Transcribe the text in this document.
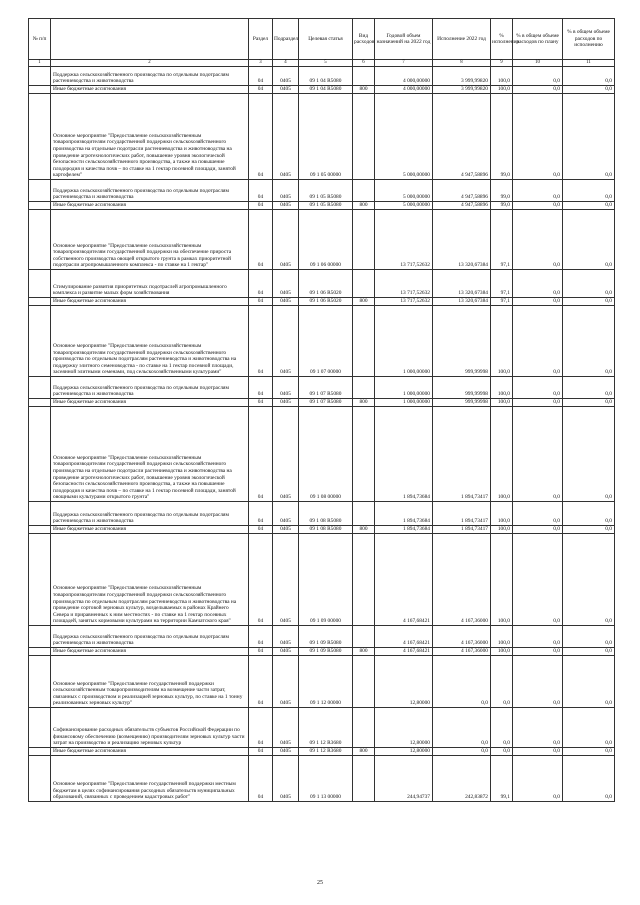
№ п/п		Раздел	Подраздел	Целевая статья	Вид расходов	Годовой объем назначений на 2022 год	Исполнение 2022 год	% исполнения	% в общем объеме расходов по плану	% в общем объеме расходов по исполнению
1	2	3	4	5	6	7	8	9	10	11
	Поддержка сельскохозяйственного производства по отдельным подотраслям растениеводства и животноводства	04	0405	09 1 04 R5080		4 000,00000	3 999,99820	100,0	0,0	0,0
	Иные бюджетные ассигнования	04	0405	09 1 04 R5080	800	4 000,00000	3 999,99820	100,0	0,0	0,0
	Основное мероприятие "Предоставление сельскохозяйственным товаропроизводителям государственной поддержки сельскохозяйственного производства на отдельные подотрасли растениеводства и животноводства на проведение агротехнологических работ, повышение уровня экологической безопасности сельскохозяйственного производства, а также на повышение плодородия и качества почв – по ставке на 1 гектар посевной площади, занятой картофелем"	04	0405	09 1 05 00000		5 000,00000	4 947,58896	99,0	0,0	0,0
	Поддержка сельскохозяйственного производства по отдельным подотраслям растениеводства и животноводства	04	0405	09 1 05 R5080		5 000,00000	4 947,58896	99,0	0,0	0,0
	Иные бюджетные ассигнования	04	0405	09 1 05 R5080	800	5 000,00000	4 947,58896	99,0	0,0	0,0
	Основное мероприятие "Предоставление сельскохозяйственным товаропроизводителям государственной поддержки на обеспечение прироста собственного производства овощей открытого грунта в рамках приоритетной подотрасли агропромышленного комплекса - по ставке на 1 гектар"	04	0405	09 1 06 00000		13 717,52632	13 320,67384	97,1	0,0	0,0
	Стимулирование развития приоритетных подотраслей агропромышленного комплекса и развитие малых форм хозяйствования	04	0405	09 1 06 R5020		13 717,52632	13 320,67384	97,1	0,0	0,0
	Иные бюджетные ассигнования	04	0405	09 1 06 R5020	800	13 717,52632	13 320,67384	97,1	0,0	0,0
	Основное мероприятие "Предоставление сельскохозяйственным товаропроизводителям государственной поддержки сельскохозяйственного производства по отдельным подотраслям растениеводства и животноводства на поддержку элитного семеноводства - по ставке на 1 гектар посевной площади, засеянной элитными семенами, под сельскохозяйственными культурами"	04	0405	09 1 07 00000		1 000,00000	999,99998	100,0	0,0	0,0
	Поддержка сельскохозяйственного производства по отдельным подотраслям растениеводства и животноводства	04	0405	09 1 07 R5080		1 000,00000	999,99998	100,0	0,0	0,0
	Иные бюджетные ассигнования	04	0405	09 1 07 R5080	800	1 000,00000	999,99998	100,0	0,0	0,0
	Основное мероприятие "Предоставление сельскохозяйственным товаропроизводителям государственной поддержки сельскохозяйственного производства на отдельные подотрасли растениеводства и животноводства на проведение агротехнологических работ, повышение уровня экологической безопасности сельскохозяйственного производства, а также на повышение плодородия и качества почв – по ставке на 1 гектар посевной площади, занятой овощными культурами открытого грунта"	04	0405	09 1 08 00000		1 894,73684	1 894,73417	100,0	0,0	0,0
	Поддержка сельскохозяйственного производства по отдельным подотраслям растениеводства и животноводства	04	0405	09 1 08 R5080		1 894,73684	1 894,73417	100,0	0,0	0,0
	Иные бюджетные ассигнования	04	0405	09 1 08 R5080	800	1 894,73684	1 894,73417	100,0	0,0	0,0
	Основное мероприятие "Предоставление сельскохозяйственным товаропроизводителям государственной поддержки сельскохозяйственного производства по отдельным подотраслям растениеводства и животноводства на проведение сортовой зерновых культур, возделываемых в районах Крайнего Севера и приравненных к ним местностях - по ставке на 1 гектар посевных площадей, занятых кормовыми культурами на территории Камчатского края"	04	0405	09 1 09 00000		4 167,68421	4 167,36000	100,0	0,0	0,0
	Поддержка сельскохозяйственного производства по отдельным подотраслям растениеводства и животноводства	04	0405	09 1 09 R5080		4 167,68421	4 167,36000	100,0	0,0	0,0
	Иные бюджетные ассигнования	04	0405	09 1 09 R5080	800	4 167,68421	4 167,36000	100,0	0,0	0,0
	Основное мероприятие "Предоставление государственной поддержки сельскохозяйственным товаропроизводителям на возмещение части затрат, связанных с производством и реализацией зерновых культур, по ставке на 1 тонну реализованных зерновых культур"	04	0405	09 1 12 00000		12,80000	0,0	0,0	0,0	0,0
	Софинансирование расходных обязательств субъектов Российской Федерации по финансовому обеспечению (возмещению) производителям зерновых культур части затрат на производство и реализацию зерновых культур	04	0405	09 1 12 R3680		12,80000	0,0	0,0	0,0	0,0
	Иные бюджетные ассигнования	04	0405	09 1 12 R3680	800	12,80000	0,0	0,0	0,0	0,0
	Основное мероприятие "Предоставление государственной поддержки местным бюджетам в целях софинансирования расходных обязательств муниципальных образований, связанных с проведением кадастровых работ"	04	0405	09 1 13 00000		244,94737	242,83872	99,1	0,0	0,0
25
